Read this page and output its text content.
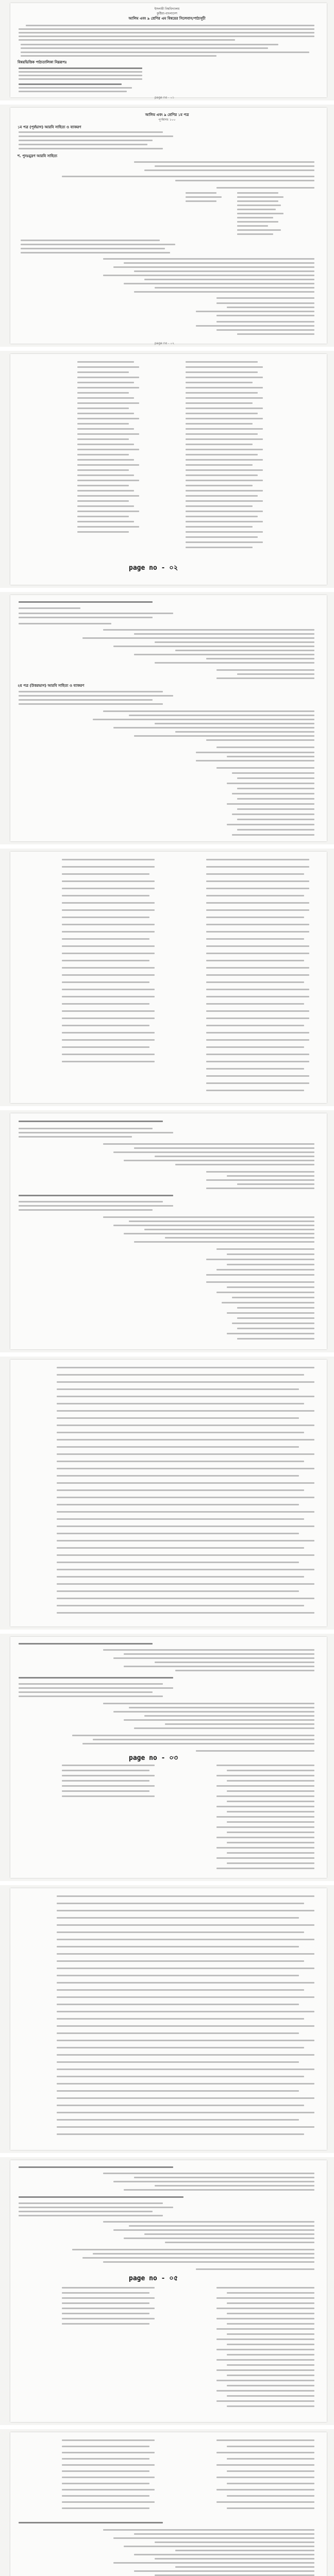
ইসলামী বিশ্ববিদ্যালয়
কুষ্টিয়া-বাংলাদেশ
আলিম এবং ৯ শ্রেণির এম বিষয়ের সিলেবাস/পাঠ্যসূচী
বিষয়ভিত্তিক পাঠ্যতালিকা নিম্নরূপঃ
page no - ০১
আলিম এবং ৯ শ্রেণির ১ম পত্র
পূর্ণমানঃ ১০০
১ম পত্র (পূর্বভাগ) আরবি সাহিত্য ও ব্যাকরণ
শ. পুনঃমুদ্রণ আরবি সাহিত্য
page no - ০২
page no - ০২
২য় পত্র (উত্তরভাগ) আরবি সাহিত্য ও ব্যাকরণ
page no - ০৩
page no - ০৫
